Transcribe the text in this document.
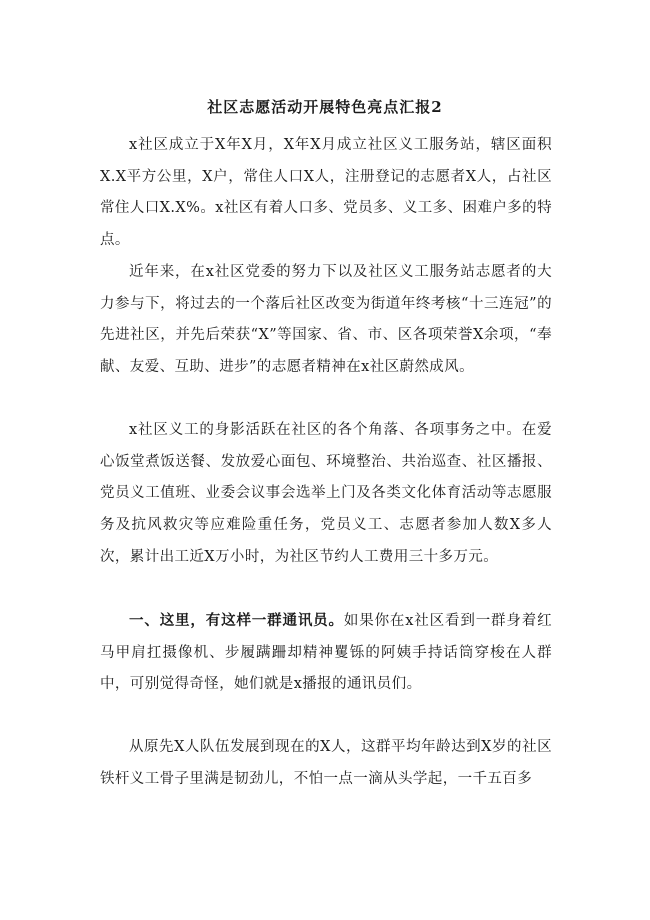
社区志愿活动开展特色亮点汇报2

x社区成立于X年X月，X年X月成立社区义工服务站，辖区面积X.X平方公里，X户，常住人口X人，注册登记的志愿者X人，占社区常住人口X.X%。x社区有着人口多、党员多、义工多、困难户多的特点。

近年来，在x社区党委的努力下以及社区义工服务站志愿者的大力参与下，将过去的一个落后社区改变为街道年终考核“十三连冠”的先进社区，并先后荣获“X”等国家、省、市、区各项荣誉X余项，“奉献、友爱、互助、进步”的志愿者精神在x社区蔚然成风。

x社区义工的身影活跃在社区的各个角落、各项事务之中。在爱心饭堂煮饭送餐、发放爱心面包、环境整治、共治巡查、社区播报、党员义工值班、业委会议事会选举上门及各类文化体育活动等志愿服务及抗风救灾等应难险重任务，党员义工、志愿者参加人数X多人次，累计出工近X万小时，为社区节约人工费用三十多万元。

一、这里，有这样一群通讯员。如果你在x社区看到一群身着红马甲肩扛摄像机、步履蹒跚却精神矍铄的阿姨手持话筒穿梭在人群中，可别觉得奇怪，她们就是x播报的通讯员们。

从原先X人队伍发展到现在的X人，这群平均年龄达到X岁的社区铁杆义工骨子里满是韧劲儿，不怕一点一滴从头学起，一千五百多
